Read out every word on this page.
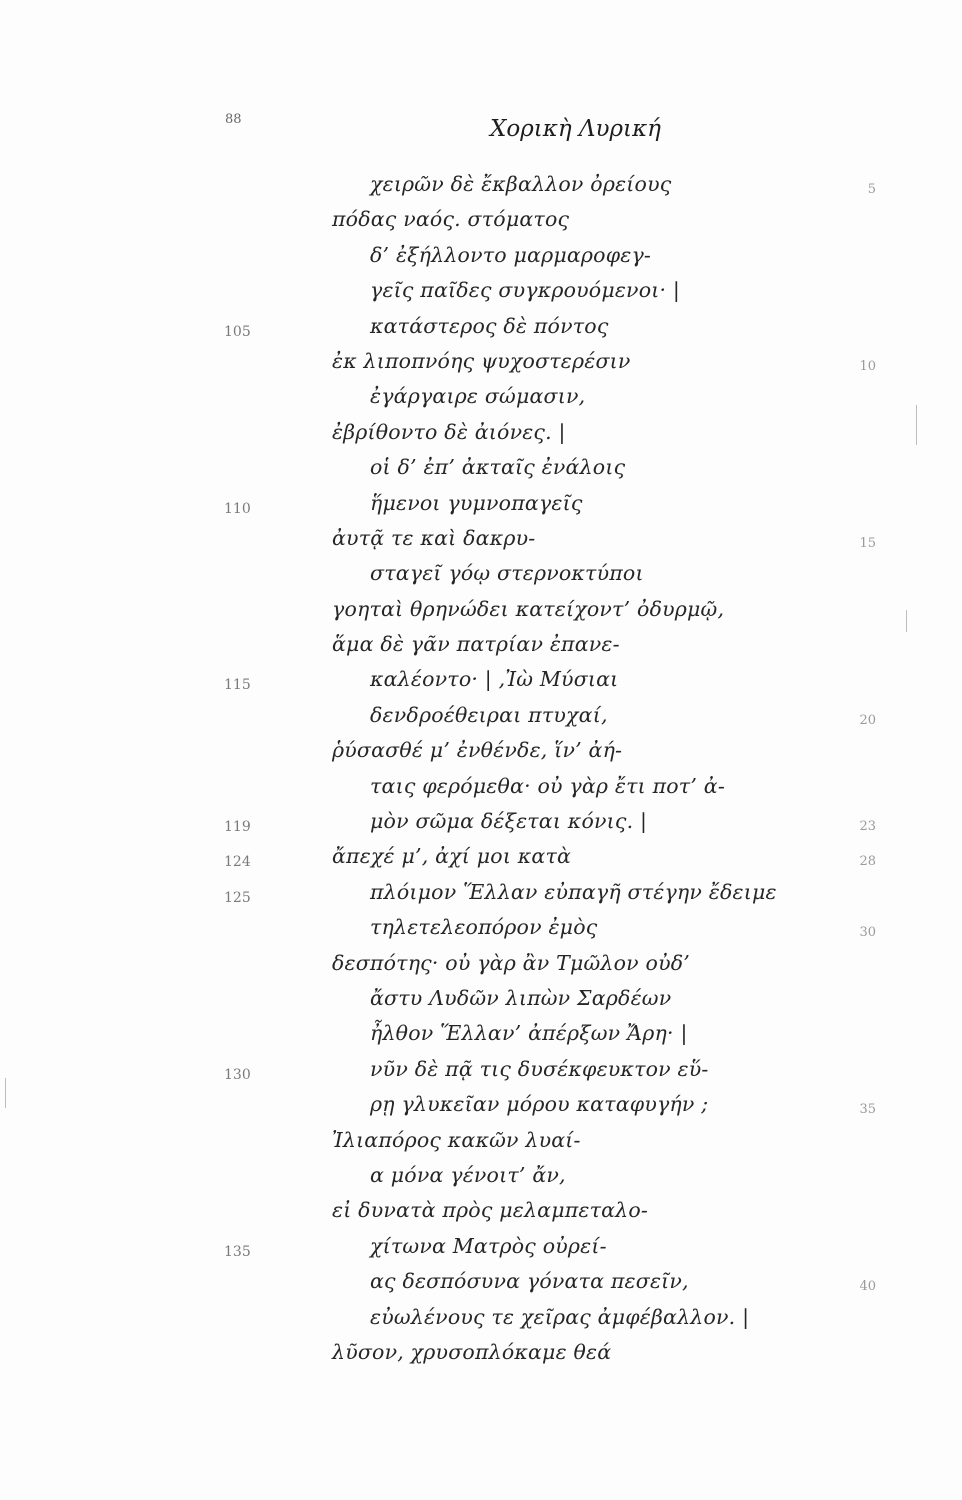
88	Χορικὴ Λυρική
χειρῶν δὲ ἔκβαλλον ὀρείους	5
πόδας ναός. στόματος
δ’ ἐξήλλοντο μαρμαροφεγ-
γεῖς παῖδες συγκρουόμενοι· |
105	κατάστερος δὲ πόντος
ἐκ λιποπνόης ψυχοστερέσιν	10
ἐγάργαιρε σώμασιν,
ἐβρίθοντο δὲ ἀιόνες. |
οἱ δ’ ἐπ’ ἀκταῖς ἐνάλοις
110	ἥμενοι γυμνοπαγεῖς
ἀυτᾷ τε καὶ δακρυ-	15
σταγεῖ γόῳ στερνοκτύποι
γοηταὶ θρηνώδει κατείχοντ’ ὀδυρμῷ,
ἅμα δὲ γᾶν πατρίαν ἐπανε-
115	καλέοντο· | ,Ἰὼ Μύσιαι
δενδροέθειραι πτυχαί,	20
ῥύσασθέ μ’ ἐνθένδε, ἵν’ ἀή-
ταις φερόμεθα· οὐ γὰρ ἔτι ποτ’ ἀ-
119	μὸν σῶμα δέξεται κόνις. |	23
124	ἄπεχέ μ’, ἀχί μοι κατὰ	28
125	πλόιμον Ἕλλαν εὐπαγῆ στέγην ἔδειμε
τηλετελεοπόρον ἐμὸς	30
δεσπότης· οὐ γὰρ ἂν Τμῶλον οὐδ’
ἄστυ Λυδῶν λιπὼν Σαρδέων
ἦλθον Ἕλλαν’ ἀπέρξων Ἄρη· |
130	νῦν δὲ πᾷ τις δυσέκφευκτον εὕ-
ρῃ γλυκεῖαν μόρου καταφυγήν ;	35
Ἰλιαπόρος κακῶν λυαί-
α μόνα γένοιτ’ ἄν,
εἰ δυνατὰ πρὸς μελαμπεταλο-
135	χίτωνα Ματρὸς οὐρεί-
ας δεσπόσυνα γόνατα πεσεῖν,	40
εὐωλένους τε χεῖρας ἀμφέβαλλον. |
λῦσον, χρυσοπλόκαμε θεά
